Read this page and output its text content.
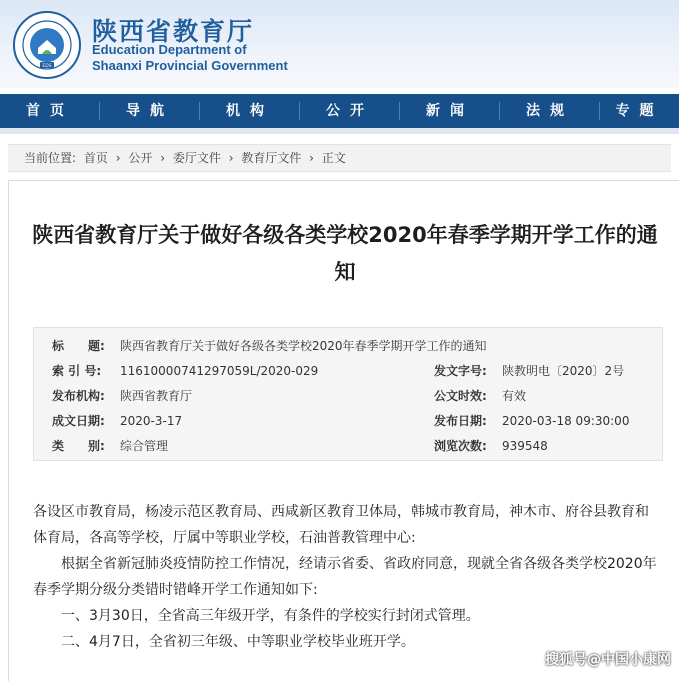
EDS
陕西省教育厅
Education Department of
Shaanxi Provincial Government
首页	导航	机构	公开	新闻	法规	专题
当前位置: 首页 › 公开 › 委厅文件 › 教育厅文件 › 正文
陕西省教育厅关于做好各级各类学校2020年春季学期开学工作的通知
标　　题: 陕西省教育厅关于做好各级各类学校2020年春季学期开学工作的通知
索 引 号: 11610000741297059L/2020-029	发文字号: 陕教明电〔2020〕2号
发布机构: 陕西省教育厅	公文时效: 有效
成文日期: 2020-3-17	发布日期: 2020-03-18 09:30:00
类　　别: 综合管理	浏览次数: 939548

各设区市教育局，杨凌示范区教育局、西咸新区教育卫体局，韩城市教育局，神木市、府谷县教育和体育局，各高等学校，厅属中等职业学校，石油普教管理中心:

根据全省新冠肺炎疫情防控工作情况，经请示省委、省政府同意，现就全省各级各类学校2020年春季学期分级分类错时错峰开学工作通知如下:

一、3月30日，全省高三年级开学，有条件的学校实行封闭式管理。

二、4月7日，全省初三年级、中等职业学校毕业班开学。

搜狐号@中国小康网
